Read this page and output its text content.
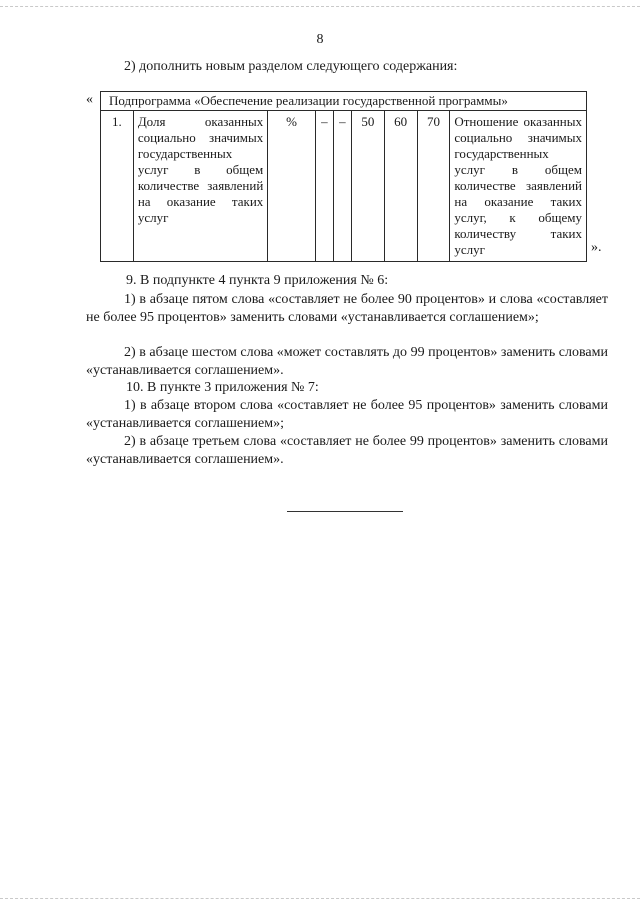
8
2) дополнить новым разделом следующего содержания:
« Подпрограмма «Обеспечение реализации государственной программы»
1.	Доля оказанных социально значимых государственных услуг в общем количестве заявлений на оказание таких услуг	%	–	–	50	60	70	Отношение оказанных социально значимых государственных услуг в общем количестве заявлений на оказание таких услуг, к общему количеству таких услуг	».
9. В подпункте 4 пункта 9 приложения № 6:
1) в абзаце пятом слова «составляет не более 90 процентов» и слова «составляет не более 95 процентов» заменить словами «устанавливается соглашением»;
2) в абзаце шестом слова «может составлять до 99 процентов» заменить словами «устанавливается соглашением».
10. В пункте 3 приложения № 7:
1) в абзаце втором слова «составляет не более 95 процентов» заменить словами «устанавливается соглашением»;
2) в абзаце третьем слова «составляет не более 99 процентов» заменить словами «устанавливается соглашением».
